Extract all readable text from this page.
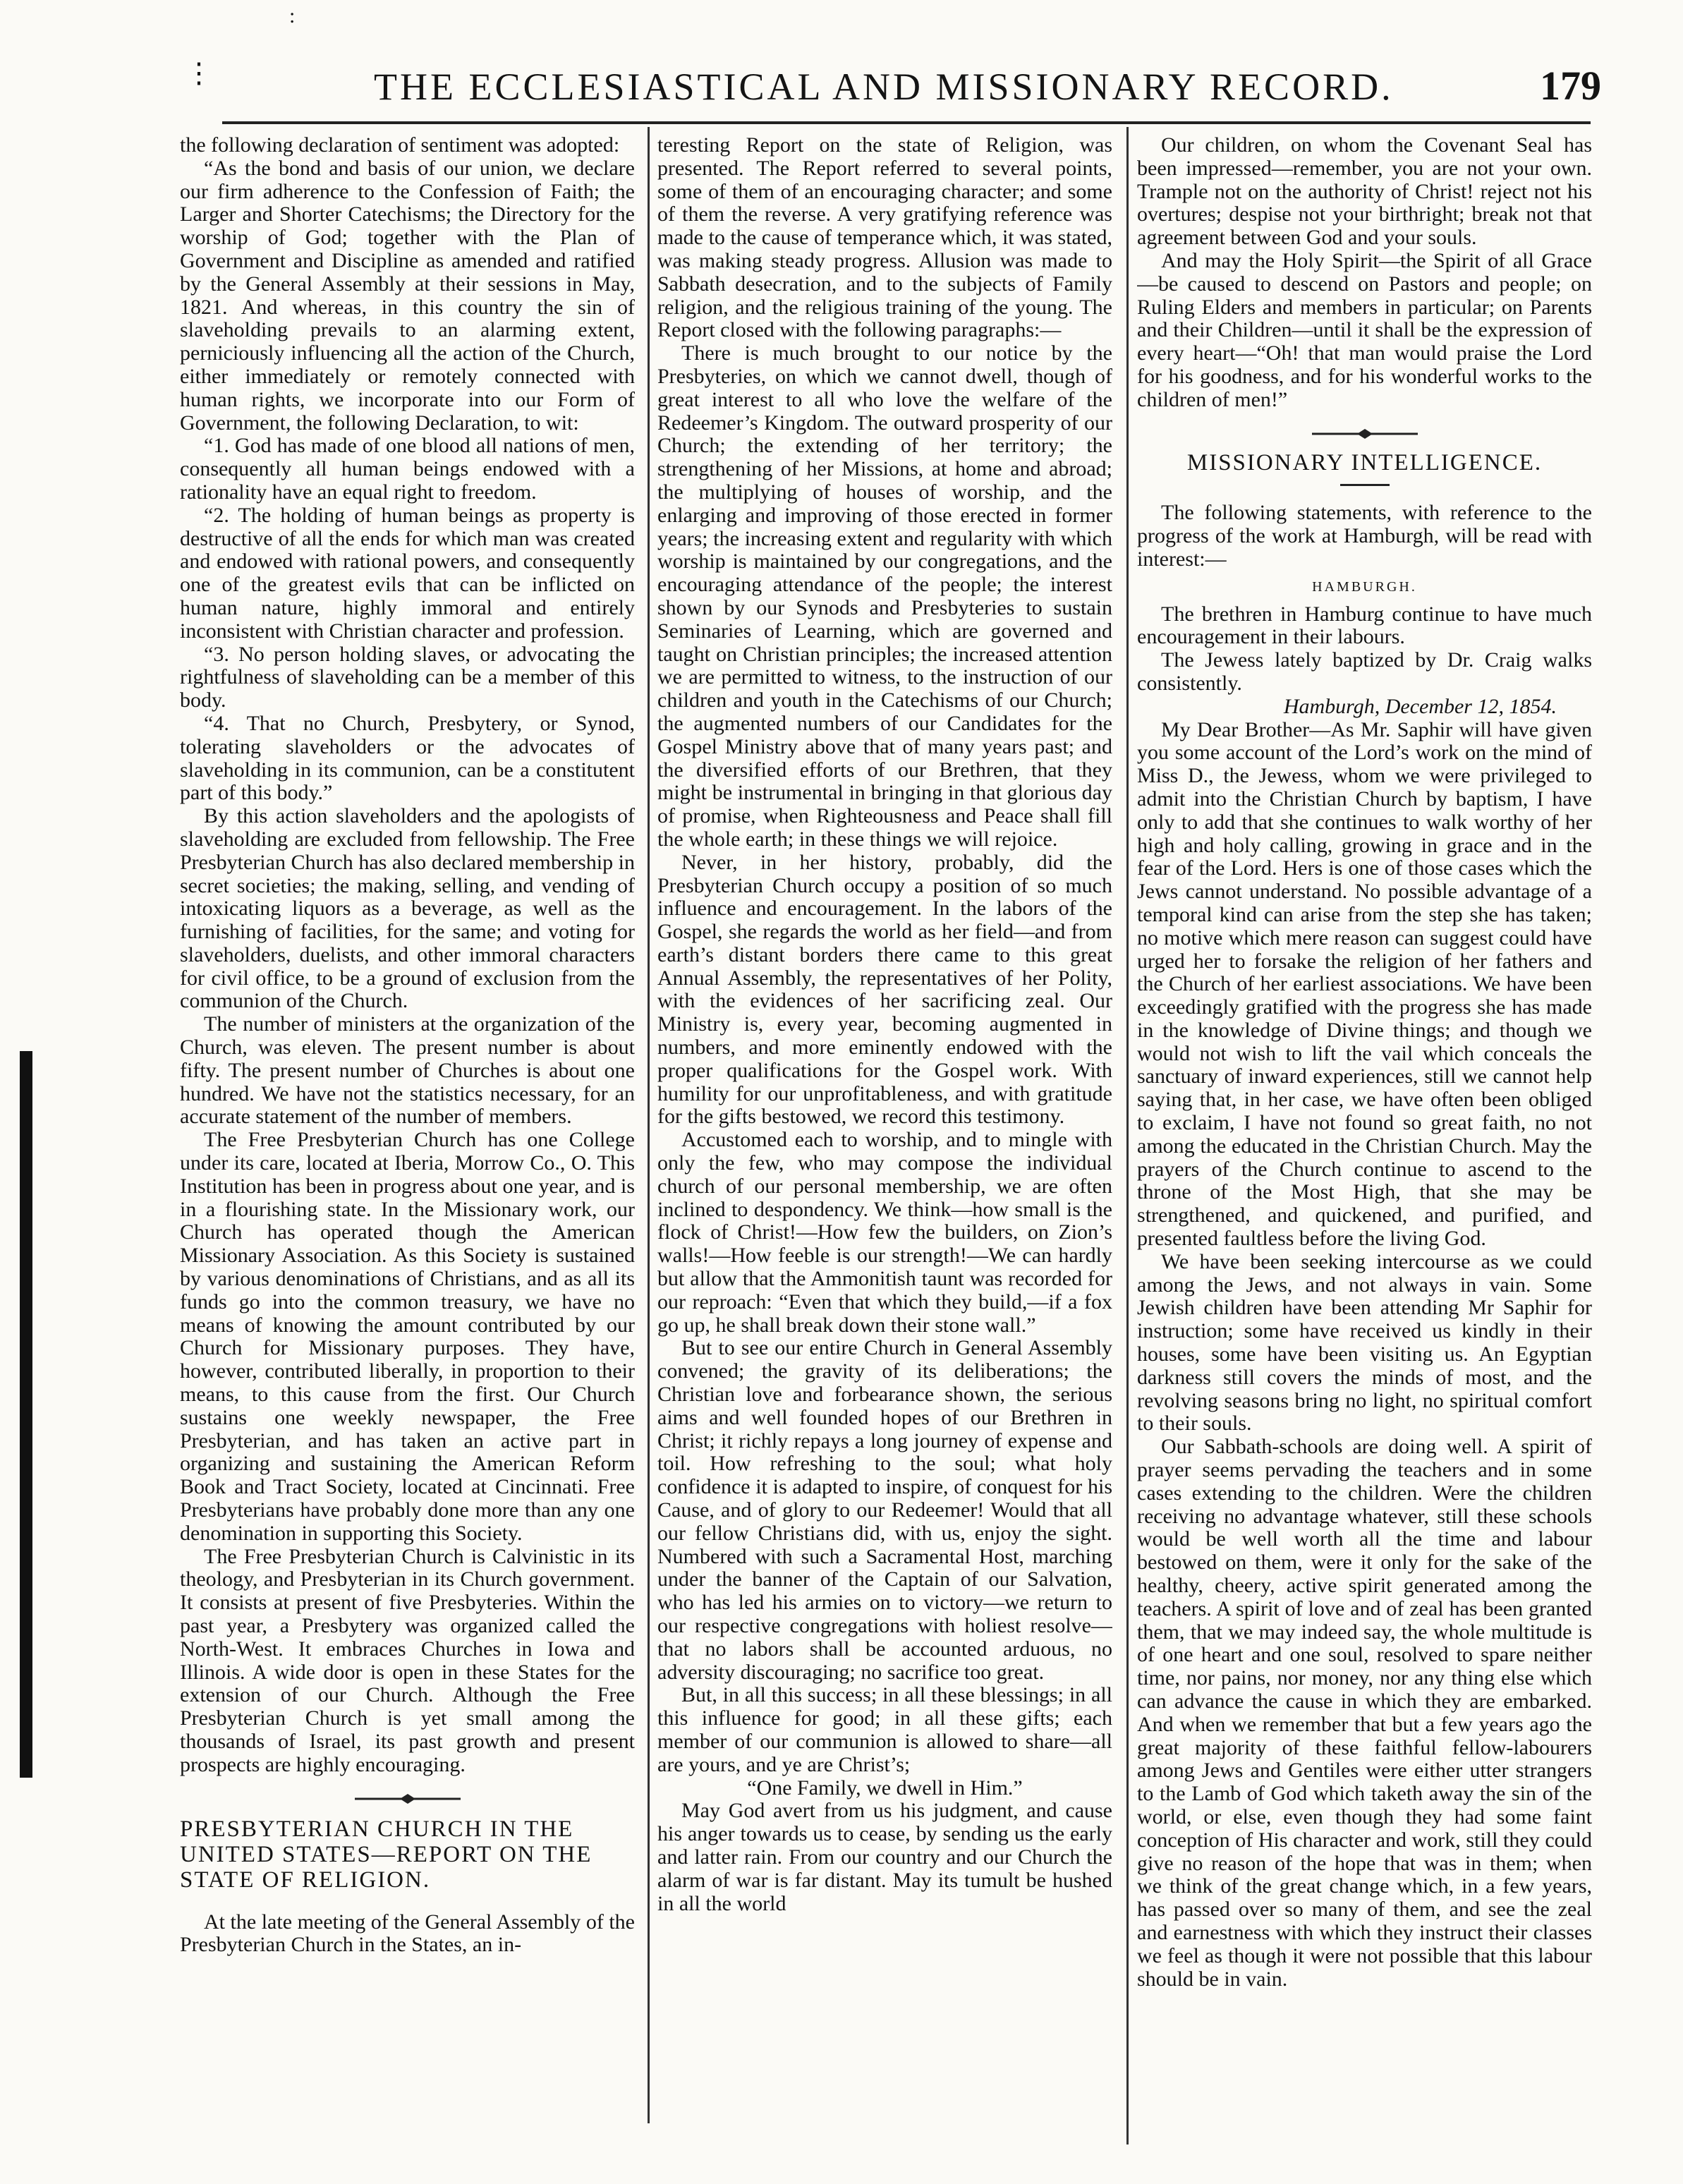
:
⋮	THE ECCLESIASTICAL AND MISSIONARY RECORD.	179

the following declaration of sentiment was adopted:

“As the bond and basis of our union, we declare our firm adherence to the Confession of Faith; the Larger and Shorter Catechisms; the Directory for the worship of God; together with the Plan of Government and Discipline as amended and ratified by the General Assembly at their sessions in May, 1821. And whereas, in this country the sin of slaveholding prevails to an alarming extent, perniciously influencing all the action of the Church, either immediately or remotely connected with human rights, we incorporate into our Form of Government, the following Declaration, to wit:

“1. God has made of one blood all nations of men, consequently all human beings endowed with a rationality have an equal right to freedom.

“2. The holding of human beings as property is destructive of all the ends for which man was created and endowed with rational powers, and consequently one of the greatest evils that can be inflicted on human nature, highly immoral and entirely inconsistent with Christian character and profession.

“3. No person holding slaves, or advocating the rightfulness of slaveholding can be a member of this body.

“4. That no Church, Presbytery, or Synod, tolerating slaveholders or the advocates of slaveholding in its communion, can be a constitutent part of this body.”

By this action slaveholders and the apologists of slaveholding are excluded from fellowship. The Free Presbyterian Church has also declared membership in secret societies; the making, selling, and vending of intoxicating liquors as a beverage, as well as the furnishing of facilities, for the same; and voting for slaveholders, duelists, and other immoral characters for civil office, to be a ground of exclusion from the communion of the Church.

The number of ministers at the organization of the Church, was eleven. The present number is about fifty. The present number of Churches is about one hundred. We have not the statistics necessary, for an accurate statement of the number of members.

The Free Presbyterian Church has one College under its care, located at Iberia, Morrow Co., O. This Institution has been in progress about one year, and is in a flourishing state. In the Missionary work, our Church has operated though the American Missionary Association. As this Society is sustained by various denominations of Christians, and as all its funds go into the common treasury, we have no means of knowing the amount contributed by our Church for Missionary purposes. They have, however, contributed liberally, in proportion to their means, to this cause from the first. Our Church sustains one weekly newspaper, the Free Presbyterian, and has taken an active part in organizing and sustaining the American Reform Book and Tract Society, located at Cincinnati. Free Presbyterians have probably done more than any one denomination in supporting this Society.

The Free Presbyterian Church is Calvinistic in its theology, and Presbyterian in its Church government. It consists at present of five Presbyteries. Within the past year, a Presbytery was organized called the North-West. It embraces Churches in Iowa and Illinois. A wide door is open in these States for the extension of our Church. Although the Free Presbyterian Church is yet small among the thousands of Israel, its past growth and present prospects are highly encouraging.

PRESBYTERIAN CHURCH IN THE UNITED STATES—REPORT ON THE STATE OF RELIGION.

At the late meeting of the General Assembly of the Presbyterian Church in the States, an in-

teresting Report on the state of Religion, was presented. The Report referred to several points, some of them of an encouraging character; and some of them the reverse. A very gratifying reference was made to the cause of temperance which, it was stated, was making steady progress. Allusion was made to Sabbath desecration, and to the subjects of Family religion, and the religious training of the young. The Report closed with the following paragraphs:—

There is much brought to our notice by the Presbyteries, on which we cannot dwell, though of great interest to all who love the welfare of the Redeemer’s Kingdom. The outward prosperity of our Church; the extending of her territory; the strengthening of her Missions, at home and abroad; the multiplying of houses of worship, and the enlarging and improving of those erected in former years; the increasing extent and regularity with which worship is maintained by our congregations, and the encouraging attendance of the people; the interest shown by our Synods and Presbyteries to sustain Seminaries of Learning, which are governed and taught on Christian principles; the increased attention we are permitted to witness, to the instruction of our children and youth in the Catechisms of our Church; the augmented numbers of our Candidates for the Gospel Ministry above that of many years past; and the diversified efforts of our Brethren, that they might be instrumental in bringing in that glorious day of promise, when Righteousness and Peace shall fill the whole earth; in these things we will rejoice.

Never, in her history, probably, did the Presbyterian Church occupy a position of so much influence and encouragement. In the labors of the Gospel, she regards the world as her field—and from earth’s distant borders there came to this great Annual Assembly, the representatives of her Polity, with the evidences of her sacrificing zeal. Our Ministry is, every year, becoming augmented in numbers, and more eminently endowed with the proper qualifications for the Gospel work. With humility for our unprofitableness, and with gratitude for the gifts bestowed, we record this testimony.

Accustomed each to worship, and to mingle with only the few, who may compose the individual church of our personal membership, we are often inclined to despondency. We think—how small is the flock of Christ!—How few the builders, on Zion’s walls!—How feeble is our strength!—We can hardly but allow that the Ammonitish taunt was recorded for our reproach: “Even that which they build,—if a fox go up, he shall break down their stone wall.”

But to see our entire Church in General Assembly convened; the gravity of its deliberations; the Christian love and forbearance shown, the serious aims and well founded hopes of our Brethren in Christ; it richly repays a long journey of expense and toil. How refreshing to the soul; what holy confidence it is adapted to inspire, of conquest for his Cause, and of glory to our Redeemer! Would that all our fellow Christians did, with us, enjoy the sight. Numbered with such a Sacramental Host, marching under the banner of the Captain of our Salvation, who has led his armies on to victory—we return to our respective congregations with holiest resolve—that no labors shall be accounted arduous, no adversity discouraging; no sacrifice too great.

But, in all this success; in all these blessings; in all this influence for good; in all these gifts; each member of our communion is allowed to share—all are yours, and ye are Christ’s;

“One Family, we dwell in Him.”

May God avert from us his judgment, and cause his anger towards us to cease, by sending us the early and latter rain. From our country and our Church the alarm of war is far distant. May its tumult be hushed in all the world

Our children, on whom the Covenant Seal has been impressed—remember, you are not your own. Trample not on the authority of Christ! reject not his overtures; despise not your birthright; break not that agreement between God and your souls.

And may the Holy Spirit—the Spirit of all Grace—be caused to descend on Pastors and people; on Ruling Elders and members in particular; on Parents and their Children—until it shall be the expression of every heart—“Oh! that man would praise the Lord for his goodness, and for his wonderful works to the children of men!”

MISSIONARY INTELLIGENCE.

The following statements, with reference to the progress of the work at Hamburgh, will be read with interest:—

HAMBURGH.

The brethren in Hamburg continue to have much encouragement in their labours.

The Jewess lately baptized by Dr. Craig walks consistently.

Hamburgh, December 12, 1854.

My Dear Brother—As Mr. Saphir will have given you some account of the Lord’s work on the mind of Miss D., the Jewess, whom we were privileged to admit into the Christian Church by baptism, I have only to add that she continues to walk worthy of her high and holy calling, growing in grace and in the fear of the Lord. Hers is one of those cases which the Jews cannot understand. No possible advantage of a temporal kind can arise from the step she has taken; no motive which mere reason can suggest could have urged her to forsake the religion of her fathers and the Church of her earliest associations. We have been exceedingly gratified with the progress she has made in the knowledge of Divine things; and though we would not wish to lift the vail which conceals the sanctuary of inward experiences, still we cannot help saying that, in her case, we have often been obliged to exclaim, I have not found so great faith, no not among the educated in the Christian Church. May the prayers of the Church continue to ascend to the throne of the Most High, that she may be strengthened, and quickened, and purified, and presented faultless before the living God.

We have been seeking intercourse as we could among the Jews, and not always in vain. Some Jewish children have been attending Mr Saphir for instruction; some have received us kindly in their houses, some have been visiting us. An Egyptian darkness still covers the minds of most, and the revolving seasons bring no light, no spiritual comfort to their souls.

Our Sabbath-schools are doing well. A spirit of prayer seems pervading the teachers and in some cases extending to the children. Were the children receiving no advantage whatever, still these schools would be well worth all the time and labour bestowed on them, were it only for the sake of the healthy, cheery, active spirit generated among the teachers. A spirit of love and of zeal has been granted them, that we may indeed say, the whole multitude is of one heart and one soul, resolved to spare neither time, nor pains, nor money, nor any thing else which can advance the cause in which they are embarked. And when we remember that but a few years ago the great majority of these faithful fellow-labourers among Jews and Gentiles were either utter strangers to the Lamb of God which taketh away the sin of the world, or else, even though they had some faint conception of His character and work, still they could give no reason of the hope that was in them; when we think of the great change which, in a few years, has passed over so many of them, and see the zeal and earnestness with which they instruct their classes we feel as though it were not possible that this labour should be in vain.
